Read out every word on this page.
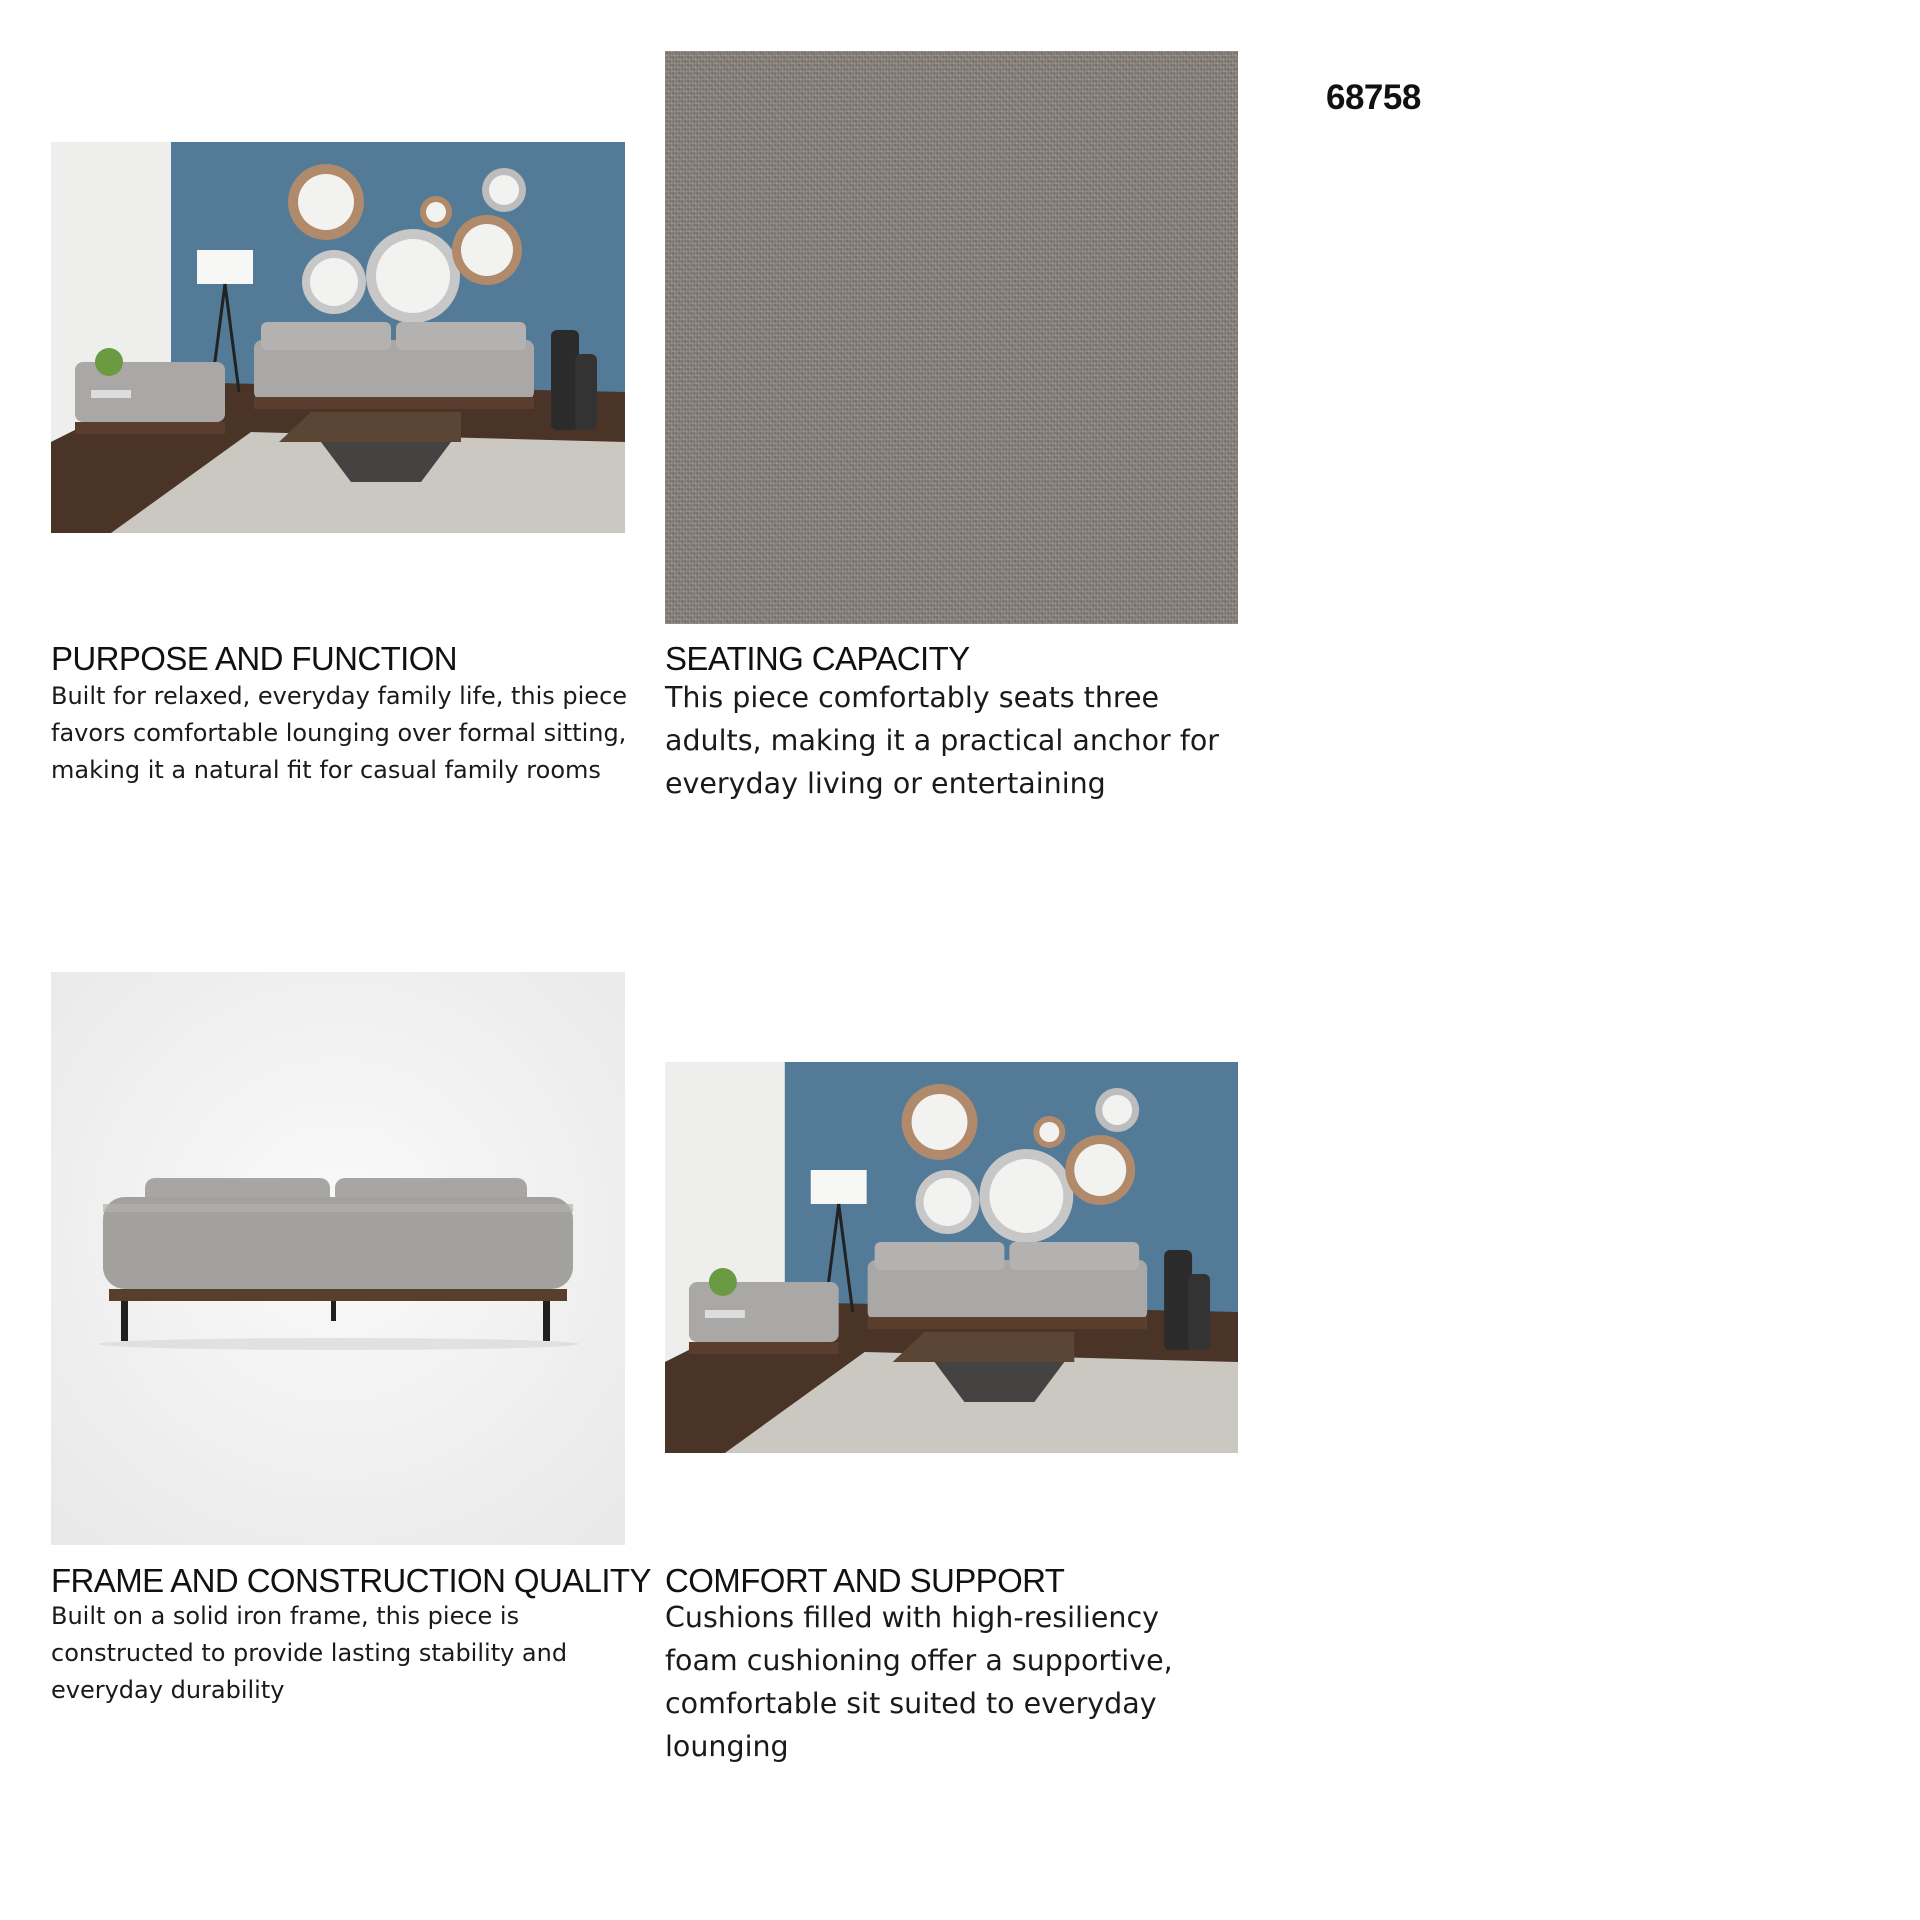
68758
PURPOSE AND FUNCTION
Built for relaxed, everyday family life, this piece favors comfortable lounging over formal sitting, making it a natural fit for casual family rooms
SEATING CAPACITY
This piece comfortably seats three adults, making it a practical anchor for everyday living or entertaining
FRAME AND CONSTRUCTION QUALITY
Built on a solid iron frame, this piece is constructed to provide lasting stability and everyday durability
COMFORT AND SUPPORT
Cushions filled with high-resiliency foam cushioning offer a supportive, comfortable sit suited to everyday lounging
